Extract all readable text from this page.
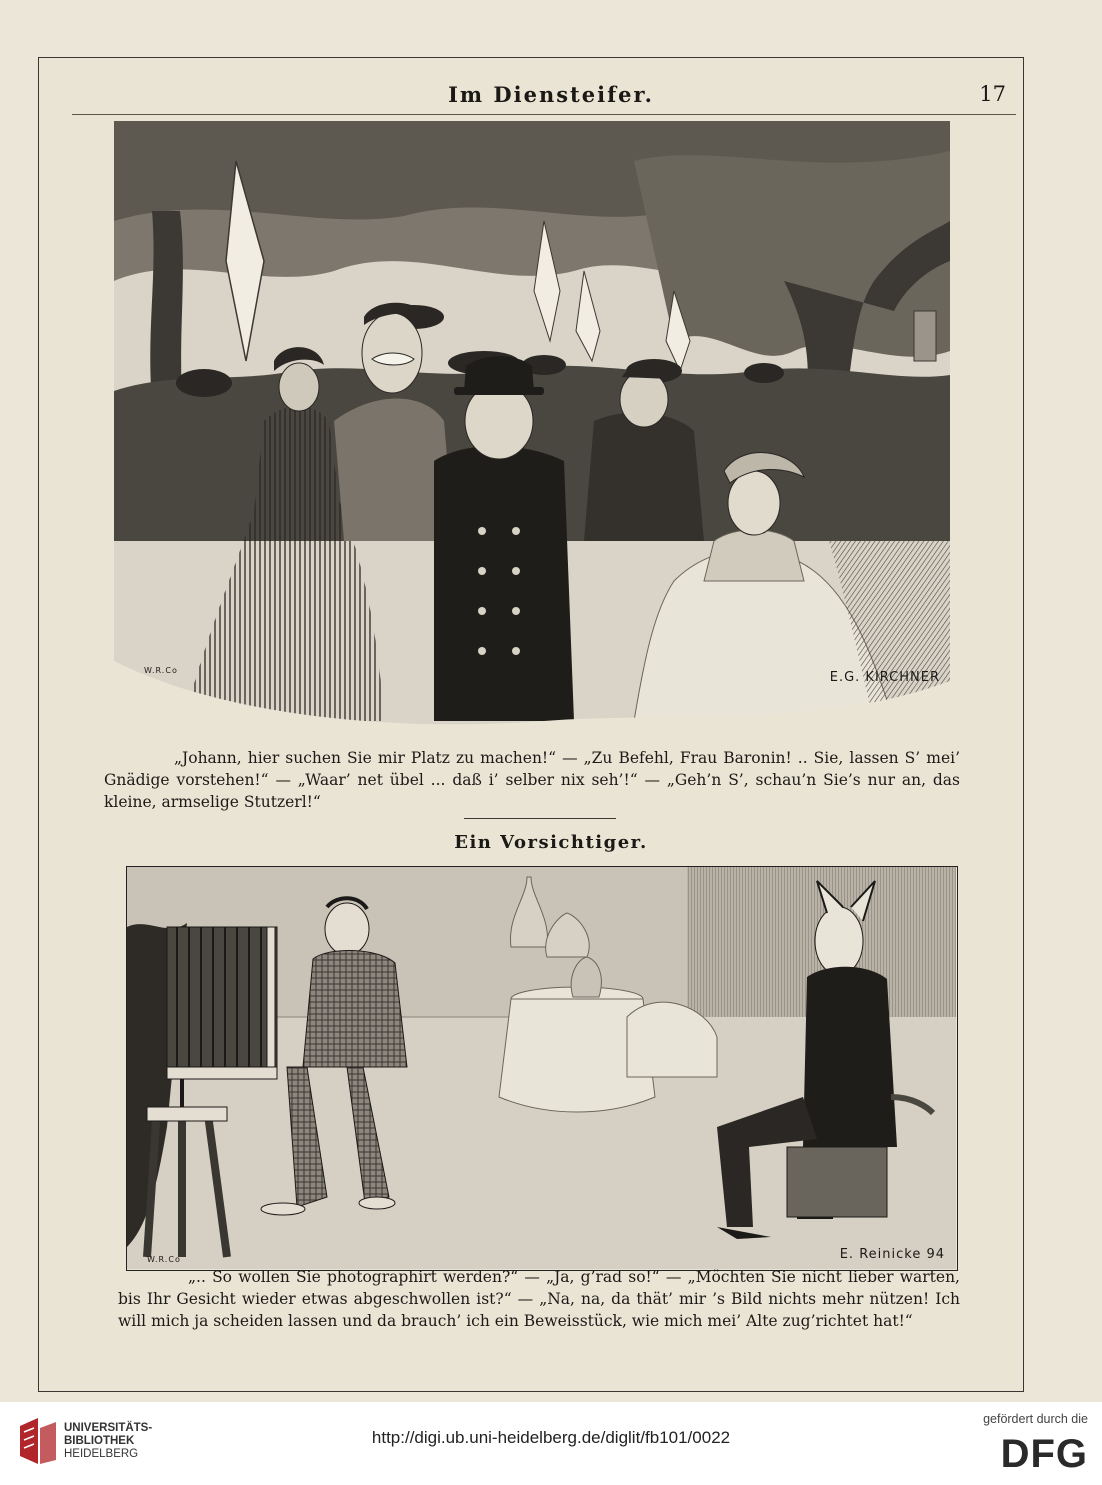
Im Diensteifer.	17
W.R.Co	E.G. KIRCHNER
„Johann, hier suchen Sie mir Platz zu machen!“ — „Zu Befehl, Frau Baronin! .. Sie, lassen S’ mei’ Gnädige vorstehen!“ — „Waar’ net übel ... daß i’ selber nix seh’!“ — „Geh’n S’, schau’n Sie’s nur an, das kleine, armselige Stutzerl!“
Ein Vorsichtiger.
W.R.Co	E. Reinicke 94
„.. So wollen Sie photographirt werden?“ — „Ja, g’rad so!“ — „Möchten Sie nicht lieber warten, bis Ihr Gesicht wieder etwas abgeschwollen ist?“ — „Na, na, da thät’ mir ’s Bild nichts mehr nützen! Ich will mich ja scheiden lassen und da brauch’ ich ein Beweisstück, wie mich mei’ Alte zug’richtet hat!“
UNIVERSITÄTS-
BIBLIOTHEK
HEIDELBERG
http://digi.ub.uni-heidelberg.de/diglit/fb101/0022
gefördert durch die
DFG
